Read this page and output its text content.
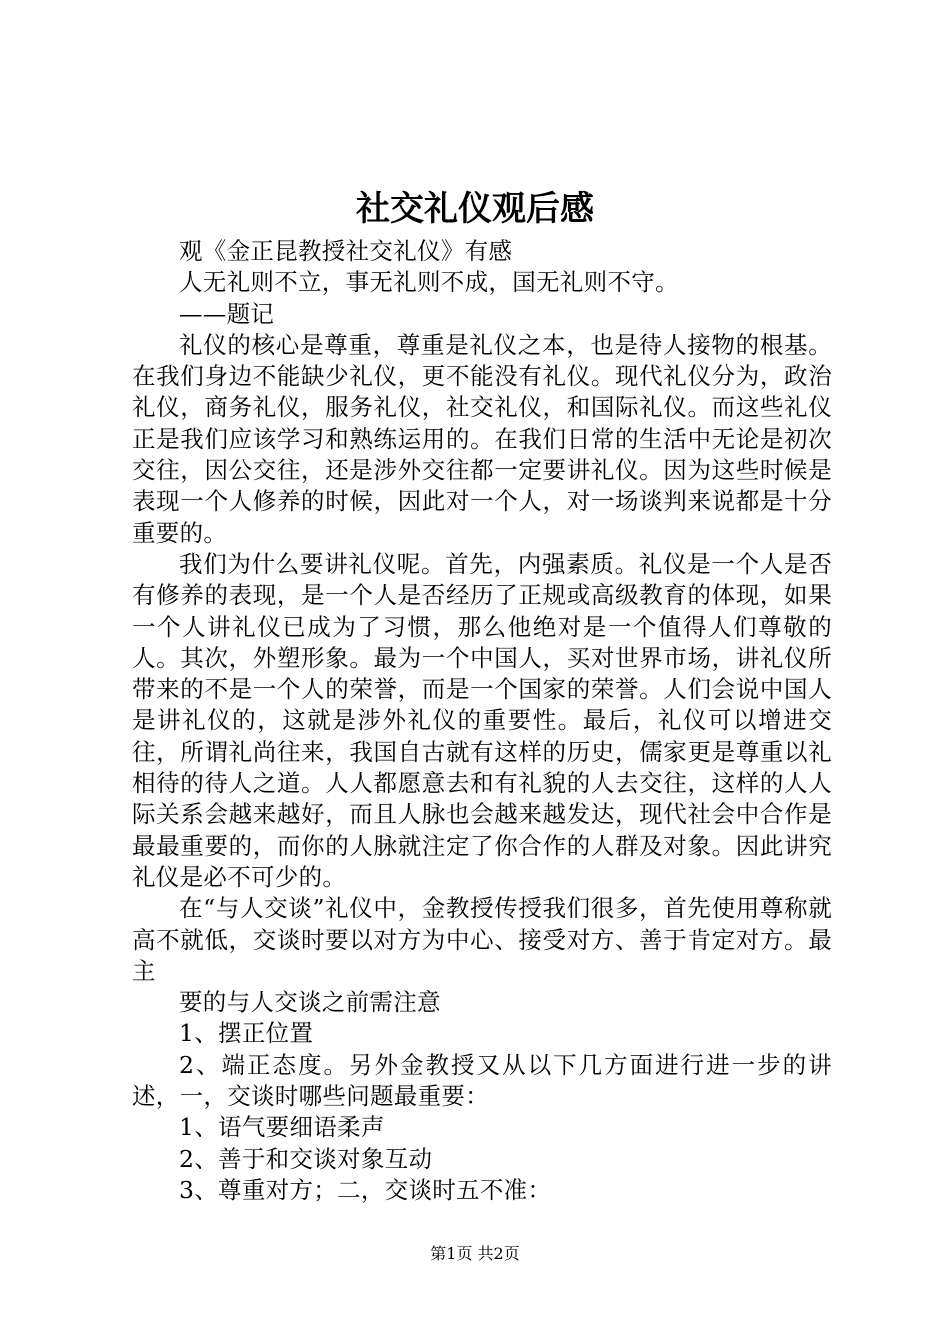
社交礼仪观后感

观《金正昆教授社交礼仪》有感

人无礼则不立，事无礼则不成，国无礼则不守。

——题记

礼仪的核心是尊重，尊重是礼仪之本，也是待人接物的根基。在我们身边不能缺少礼仪，更不能没有礼仪。现代礼仪分为，政治礼仪，商务礼仪，服务礼仪，社交礼仪，和国际礼仪。而这些礼仪正是我们应该学习和熟练运用的。在我们日常的生活中无论是初次交往，因公交往，还是涉外交往都一定要讲礼仪。因为这些时候是表现一个人修养的时候，因此对一个人，对一场谈判来说都是十分重要的。

我们为什么要讲礼仪呢。首先，内强素质。礼仪是一个人是否有修养的表现，是一个人是否经历了正规或高级教育的体现，如果一个人讲礼仪已成为了习惯，那么他绝对是一个值得人们尊敬的人。其次，外塑形象。最为一个中国人，买对世界市场，讲礼仪所带来的不是一个人的荣誉，而是一个国家的荣誉。人们会说中国人是讲礼仪的，这就是涉外礼仪的重要性。最后，礼仪可以增进交往，所谓礼尚往来，我国自古就有这样的历史，儒家更是尊重以礼相待的待人之道。人人都愿意去和有礼貌的人去交往，这样的人人际关系会越来越好，而且人脉也会越来越发达，现代社会中合作是最最重要的，而你的人脉就注定了你合作的人群及对象。因此讲究礼仪是必不可少的。

在“与人交谈”礼仪中，金教授传授我们很多，首先使用尊称就高不就低，交谈时要以对方为中心、接受对方、善于肯定对方。最主

要的与人交谈之前需注意

1、摆正位置

2、端正态度。另外金教授又从以下几方面进行进一步的讲述，一，交谈时哪些问题最重要：

1、语气要细语柔声

2、善于和交谈对象互动

3、尊重对方；二，交谈时五不准：

第1页 共2页
